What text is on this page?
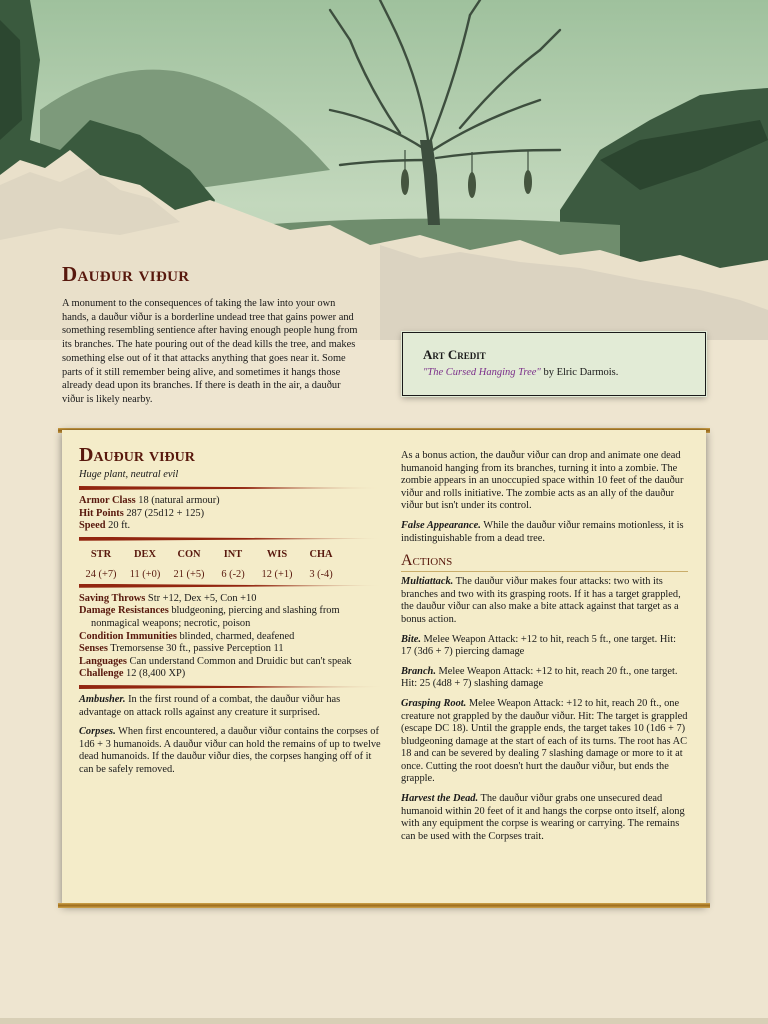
Dauður viður

A monument to the consequences of taking the law into your own hands, a dauður viður is a borderline undead tree that gains power and something resembling sentience after having enough people hung from its branches. The hate pouring out of the dead kills the tree, and makes something else out of it that attacks anything that goes near it. Some parts of it still remember being alive, and sometimes it hangs those already dead upon its branches. If there is death in the air, a dauður viður is likely nearby.

Art Credit
"The Cursed Hanging Tree" by Elric Darmois.
Dauður viður
Huge plant, neutral evil
Armor Class 18 (natural armour)
Hit Points 287 (25d12 + 125)
Speed 20 ft.
STR
24 (+7)
DEX
11 (+0)
CON
21 (+5)
INT
6 (-2)
WIS
12 (+1)
CHA
3 (-4)
Saving Throws Str +12, Dex +5, Con +10
Damage Resistances bludgeoning, piercing and slashing from nonmagical weapons; necrotic, poison
Condition Immunities blinded, charmed, deafened
Senses Tremorsense 30 ft., passive Perception 11
Languages Can understand Common and Druidic but can't speak
Challenge 12 (8,400 XP)

Ambusher. In the first round of a combat, the dauður viður has advantage on attack rolls against any creature it surprised.

Corpses. When first encountered, a dauður viður contains the corpses of 1d6 + 3 humanoids. A dauður viður can hold the remains of up to twelve dead humanoids. If the dauður viður dies, the corpses hanging off of it can be safely removed.

As a bonus action, the dauður viður can drop and animate one dead humanoid hanging from its branches, turning it into a zombie. The zombie appears in an unoccupied space within 10 feet of the dauður viður and rolls initiative. The zombie acts as an ally of the dauður viður but isn't under its control.

False Appearance. While the dauður viður remains motionless, it is indistinguishable from a dead tree.

Actions

Multiattack. The dauður viður makes four attacks: two with its branches and two with its grasping roots. If it has a target grappled, the dauður viður can also make a bite attack against that target as a bonus action.

Bite. Melee Weapon Attack: +12 to hit, reach 5 ft., one target. Hit: 17 (3d6 + 7) piercing damage

Branch. Melee Weapon Attack: +12 to hit, reach 20 ft., one target. Hit: 25 (4d8 + 7) slashing damage

Grasping Root. Melee Weapon Attack: +12 to hit, reach 20 ft., one creature not grappled by the dauður viður. Hit: The target is grappled (escape DC 18). Until the grapple ends, the target takes 10 (1d6 + 7) bludgeoning damage at the start of each of its turns. The root has AC 18 and can be severed by dealing 7 slashing damage or more to it at once. Cutting the root doesn't hurt the dauður viður, but ends the grapple.

Harvest the Dead. The dauður viður grabs one unsecured dead humanoid within 20 feet of it and hangs the corpse onto itself, along with any equipment the corpse is wearing or carrying. The remains can be used with the Corpses trait.
